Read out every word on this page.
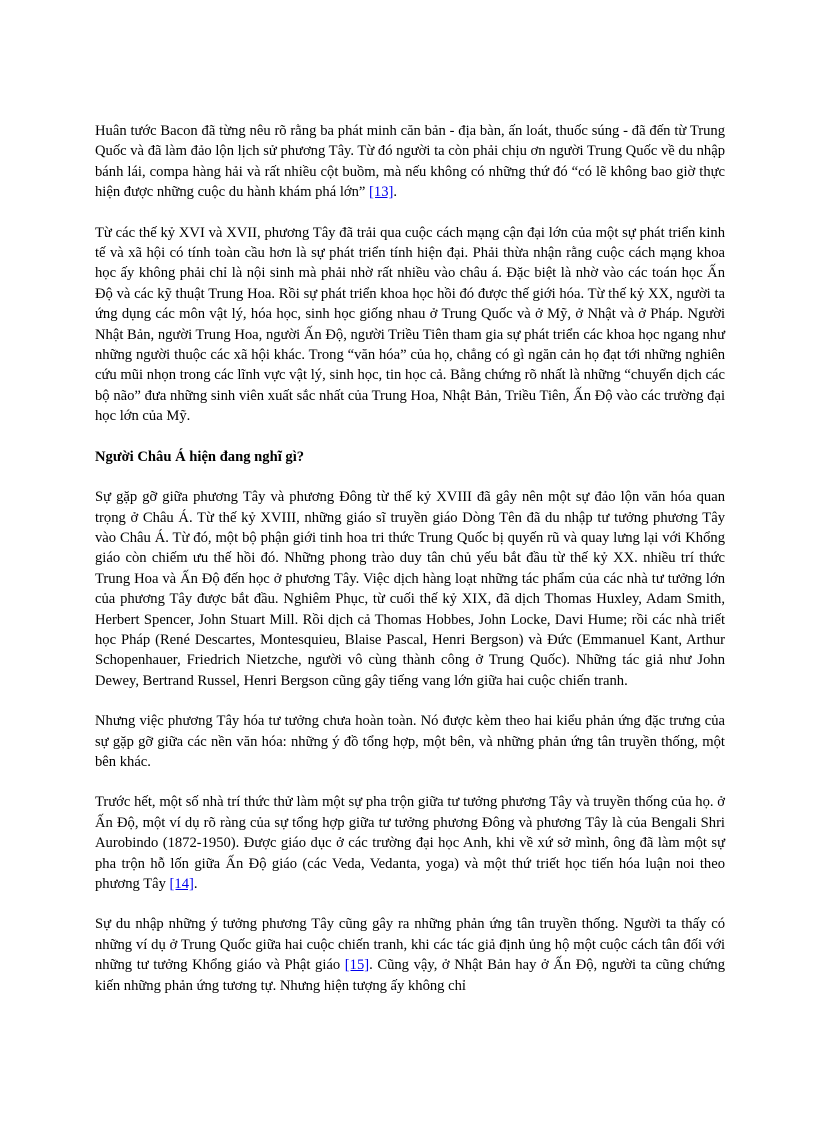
Huân tước Bacon đã từng nêu rõ rằng ba phát minh căn bản - địa bàn, ấn loát, thuốc súng - đã đến từ Trung Quốc và đã làm đảo lộn lịch sử phương Tây. Từ đó người ta còn phải chịu ơn người Trung Quốc về du nhập bánh lái, compa hàng hải và rất nhiều cột buồm, mà nếu không có những thứ đó “có lẽ không bao giờ thực hiện được những cuộc du hành khám phá lớn” [13].

Từ các thế kỷ XVI và XVII, phương Tây đã trải qua cuộc cách mạng cận đại lớn của một sự phát triển kinh tế và xã hội có tính toàn cầu hơn là sự phát triển tính hiện đại. Phải thừa nhận rằng cuộc cách mạng khoa học ấy không phải chỉ là nội sinh mà phải nhờ rất nhiều vào châu á. Đặc biệt là nhờ vào các toán học Ấn Độ và các kỹ thuật Trung Hoa. Rồi sự phát triển khoa học hồi đó được thế giới hóa. Từ thế kỷ XX, người ta ứng dụng các môn vật lý, hóa học, sinh học giống nhau ở Trung Quốc và ở Mỹ, ở Nhật và ở Pháp. Người Nhật Bản, người Trung Hoa, người Ấn Độ, người Triều Tiên tham gia sự phát triển các khoa học ngang như những người thuộc các xã hội khác. Trong “văn hóa” của họ, chẳng có gì ngăn cản họ đạt tới những nghiên cứu mũi nhọn trong các lĩnh vực vật lý, sinh học, tin học cả. Bằng chứng rõ nhất là những “chuyển dịch các bộ não” đưa những sinh viên xuất sắc nhất của Trung Hoa, Nhật Bản, Triều Tiên, Ấn Độ vào các trường đại học lớn của Mỹ.

Người Châu Á hiện đang nghĩ gì?

Sự gặp gỡ giữa phương Tây và phương Đông từ thế kỷ XVIII đã gây nên một sự đảo lộn văn hóa quan trọng ở Châu Á. Từ thế kỷ XVIII, những giáo sĩ truyền giáo Dòng Tên đã du nhập tư tưởng phương Tây vào Châu Á. Từ đó, một bộ phận giới tinh hoa tri thức Trung Quốc bị quyến rũ và quay lưng lại với Khổng giáo còn chiếm ưu thế hồi đó. Những phong trào duy tân chủ yếu bắt đầu từ thế kỷ XX. nhiều trí thức Trung Hoa và Ấn Độ đến học ở phương Tây. Việc dịch hàng loạt những tác phẩm của các nhà tư tưởng lớn của phương Tây được bắt đầu. Nghiêm Phục, từ cuối thế kỷ XIX, đã dịch Thomas Huxley, Adam Smith, Herbert Spencer, John Stuart Mill. Rồi dịch cả Thomas Hobbes, John Locke, Davi Hume; rồi các nhà triết học Pháp (René Descartes, Montesquieu, Blaise Pascal, Henri Bergson) và Đức (Emmanuel Kant, Arthur Schopenhauer, Friedrich Nietzche, người vô cùng thành công ở Trung Quốc). Những tác giả như John Dewey, Bertrand Russel, Henri Bergson cũng gây tiếng vang lớn giữa hai cuộc chiến tranh.

Nhưng việc phương Tây hóa tư tưởng chưa hoàn toàn. Nó được kèm theo hai kiểu phản ứng đặc trưng của sự gặp gỡ giữa các nền văn hóa: những ý đồ tổng hợp, một bên, và những phản ứng tân truyền thống, một bên khác.

Trước hết, một số nhà trí thức thử làm một sự pha trộn giữa tư tưởng phương Tây và truyền thống của họ. ở Ấn Độ, một ví dụ rõ ràng của sự tổng hợp giữa tư tưởng phương Đông và phương Tây là của Bengali Shri Aurobindo (1872-1950). Được giáo dục ở các trường đại học Anh, khi về xứ sở mình, ông đã làm một sự pha trộn hỗ lốn giữa Ấn Độ giáo (các Veda, Vedanta, yoga) và một thứ triết học tiến hóa luận noi theo phương Tây [14].

Sự du nhập những ý tưởng phương Tây cũng gây ra những phản ứng tân truyền thống. Người ta thấy có những ví dụ ở Trung Quốc giữa hai cuộc chiến tranh, khi các tác giả định ủng hộ một cuộc cách tân đối với những tư tưởng Khổng giáo và Phật giáo [15]. Cũng vậy, ở Nhật Bản hay ở Ấn Độ, người ta cũng chứng kiến những phản ứng tương tự. Nhưng hiện tượng ấy không chỉ
